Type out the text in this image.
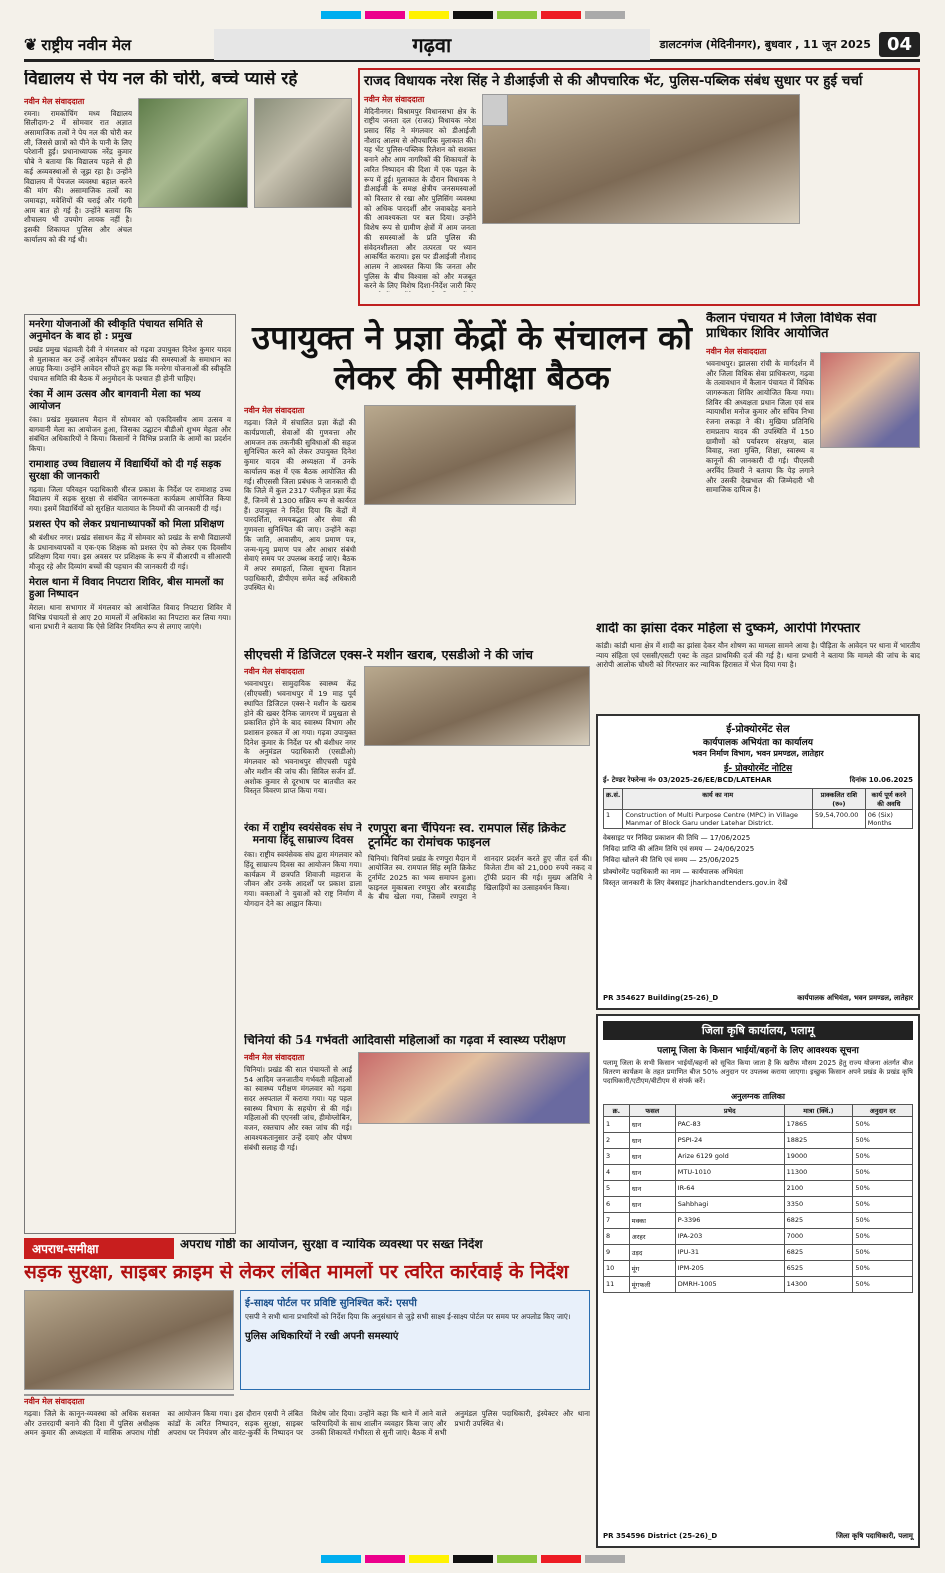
❦ राष्ट्रीय नवीन मेल	गढ़वा	डालटनगंज (मेदिनीनगर), बुधवार , 11 जून 2025 04
विद्यालय से पेय नल की चोरी, बच्चे प्यासे रहे
नवीन मेल संवाददाता
रमना। रामकोचिंग मध्य विद्यालय सिलीदाग-2 में सोमवार रात अज्ञात असामाजिक तत्वों ने पेय नल की चोरी कर ली, जिससे छात्रों को पीने के पानी के लिए परेशानी हुई। प्रधानाध्यापक नरेंद्र कुमार चौबे ने बताया कि विद्यालय पहले से ही कई अव्यवस्थाओं से जूझ रहा है। उन्होंने विद्यालय में पेयजल व्यवस्था बहाल करने की मांग की। असामाजिक तत्वों का जमावड़ा, मवेशियों की चराई और गंदगी आम बात हो गई है। उन्होंने बताया कि शौचालय भी उपयोग लायक नहीं है। इसकी शिकायत पुलिस और अंचल कार्यालय को की गई थी।
राजद विधायक नरेश सिंह ने डीआईजी से की औपचारिक भेंट, पुलिस-पब्लिक संबंध सुधार पर हुई चर्चा
नवीन मेल संवाददाता
मेदिनीनगर। विश्रामपुर विधानसभा क्षेत्र के राष्ट्रीय जनता दल (राजद) विधायक नरेश प्रसाद सिंह ने मंगलवार को डीआईजी नौशाद आलम से औपचारिक मुलाकात की। यह भेंट पुलिस-पब्लिक रिलेशन को सशक्त बनाने और आम नागरिकों की शिकायतों के त्वरित निष्पादन की दिशा में एक पहल के रूप में हुई। मुलाकात के दौरान विधायक ने डीआईजी के समक्ष क्षेत्रीय जनसमस्याओं को विस्तार से रखा और पुलिसिंग व्यवस्था को अधिक पारदर्शी और जवाबदेह बनाने की आवश्यकता पर बल दिया। उन्होंने विशेष रूप से ग्रामीण क्षेत्रों में आम जनता की समस्याओं के प्रति पुलिस की संवेदनशीलता और तत्परता पर ध्यान आकर्षित कराया। इस पर डीआईजी नौशाद आलम ने आश्वस्त किया कि जनता और पुलिस के बीच विश्वास को और मजबूत करने के लिए विशेष दिशा-निर्देश जारी किए
मनरेगा योजनाओं की स्वीकृति पंचायत समिति से अनुमोदन के बाद हो : प्रमुख
प्रखंड प्रमुख चंद्रावती देवी ने मंगलवार को गढ़वा उपायुक्त दिनेश कुमार यादव से मुलाकात कर उन्हें आवेदन सौंपकर प्रखंड की समस्याओं के समाधान का आग्रह किया। उन्होंने आवेदन सौंपते हुए कहा कि मनरेगा योजनाओं की स्वीकृति पंचायत समिति की बैठक में अनुमोदन के पश्चात ही होनी चाहिए।
रंका में आम उत्सव और बागवानी मेला का भव्य आयोजन
रंका। प्रखंड मुख्यालय मैदान में सोमवार को एकदिवसीय आम उत्सव व बागवानी मेला का आयोजन हुआ, जिसका उद्घाटन बीडीओ शुभम मेहता और संबंधित अधिकारियों ने किया। किसानों ने विभिन्न प्रजाति के आमों का प्रदर्शन किया।
रामाशाह उच्च विद्यालय में विद्यार्थियों को दी गई सड़क सुरक्षा की जानकारी
गढ़वा। जिला परिवहन पदाधिकारी धीरज प्रकाश के निर्देश पर रामाशाह उच्च विद्यालय में सड़क सुरक्षा से संबंधित जागरूकता कार्यक्रम आयोजित किया गया। इसमें विद्यार्थियों को सुरक्षित यातायात के नियमों की जानकारी दी गई।
प्रशस्त ऐप को लेकर प्रधानाध्यापकों को मिला प्रशिक्षण
श्री बंशीधर नगर। प्रखंड संसाधन केंद्र में सोमवार को प्रखंड के सभी विद्यालयों के प्रधानाध्यापकों व एक-एक शिक्षक को प्रशस्त ऐप को लेकर एक दिवसीय प्रशिक्षण दिया गया। इस अवसर पर प्रशिक्षक के रूप में बीआरपी व सीआरपी मौजूद रहे और दिव्यांग बच्चों की पहचान की जानकारी दी गई।
मेराल थाना में विवाद निपटारा शिविर, बीस मामलों का हुआ निष्पादन
मेराल। थाना सभागार में मंगलवार को आयोजित विवाद निपटारा शिविर में विभिन्न पंचायतों से आए 20 मामलों में अधिकांश का निपटारा कर लिया गया। थाना प्रभारी ने बताया कि ऐसे शिविर नियमित रूप से लगाए जाएंगे।
उपायुक्त ने प्रज्ञा केंद्रों के संचालन को लेकर की समीक्षा बैठक
नवीन मेल संवाददाता
गढ़वा। जिले में संचालित प्रज्ञा केंद्रों की कार्यप्रणाली, सेवाओं की गुणवत्ता और आमजन तक तकनीकी सुविधाओं की सहज सुनिश्चित करने को लेकर उपायुक्त दिनेश कुमार यादव की अध्यक्षता में उनके कार्यालय कक्ष में एक बैठक आयोजित की गई। सीएससी जिला प्रबंधक ने जानकारी दी कि जिले में कुल 2317 पंजीकृत प्रज्ञा केंद्र हैं, जिनमें से 1300 सक्रिय रूप से कार्यरत हैं। उपायुक्त ने निर्देश दिया कि केंद्रों में पारदर्शिता, समयबद्धता और सेवा की गुणवत्ता सुनिश्चित की जाए। उन्होंने कहा कि जाति, आवासीय, आय प्रमाण पत्र, जन्म-मृत्यु प्रमाण पत्र और आधार संबंधी सेवाएं समय पर उपलब्ध कराई जाएं। बैठक में अपर समाहर्ता, जिला सूचना विज्ञान पदाधिकारी, डीपीएम समेत कई अधिकारी उपस्थित थे।
कैलान पंचायत में जिला विधिक सेवा प्राधिकार शिविर आयोजित
नवीन मेल संवाददाता
भवनाथपुर। झालसा रांची के मार्गदर्शन में और जिला विधिक सेवा प्राधिकरण, गढ़वा के तत्वावधान में कैलान पंचायत में विधिक जागरूकता शिविर आयोजित किया गया। शिविर की अध्यक्षता प्रधान जिला एवं सत्र न्यायाधीश मनोज कुमार और सचिव निभा रंजना लकड़ा ने की। मुखिया प्रतिनिधि रामप्रताप यादव की उपस्थिति में 150 ग्रामीणों को पर्यावरण संरक्षण, बाल विवाह, नशा मुक्ति, शिक्षा, स्वास्थ्य व कानूनों की जानकारी दी गई। पीएलवी अरविंद तिवारी ने बताया कि पेड़ लगाने और उसकी देखभाल की जिम्मेदारी भी सामाजिक दायित्व है।
सीएचसी में डिजिटल एक्स-रे मशीन खराब, एसडीओ ने की जांच
नवीन मेल संवाददाता
भवनाथपुर। सामुदायिक स्वास्थ्य केंद्र (सीएचसी) भवनाथपुर में 19 माह पूर्व स्थापित डिजिटल एक्स-रे मशीन के खराब होने की खबर दैनिक जागरण में प्रमुखता से प्रकाशित होने के बाद स्वास्थ्य विभाग और प्रशासन हरकत में आ गया। गढ़वा उपायुक्त दिनेश कुमार के निर्देश पर श्री बंशीधर नगर के अनुमंडल पदाधिकारी (एसडीओ) मंगलवार को भवनाथपुर सीएचसी पहुंचे और मशीन की जांच की। सिविल सर्जन डॉ. अशोक कुमार से दूरभाष पर बातचीत कर विस्तृत विवरण प्राप्त किया गया।
शादी का झांसा देकर महिला से दुष्कर्म, आरोपी गिरफ्तार
कांडी। कांडी थाना क्षेत्र में शादी का झांसा देकर यौन शोषण का मामला सामने आया है। पीड़िता के आवेदन पर थाना में भारतीय न्याय संहिता एवं एससी/एसटी एक्ट के तहत प्राथमिकी दर्ज की गई है। थाना प्रभारी ने बताया कि मामले की जांच के बाद आरोपी आलोक चौधरी को गिरफ्तार कर न्यायिक हिरासत में भेज दिया गया है।
ई-प्रोक्योरमेंट सेल
कार्यपालक अभियंता का कार्यालय
भवन निर्माण विभाग, भवन प्रमण्डल, लातेहार
ई- प्रोक्योरमेंट नोटिस
ई- टेण्डर रेफरेन्स नं० 03/2025-26/EE/BCD/LATEHAR	दिनांक 10.06.2025
क्र.सं.	कार्य का नाम	प्राक्कलित राशि (रु०)	कार्य पूर्ण करने की अवधि
1	Construction of Multi Purpose Centre (MPC) in Village Manmar of Block Garu under Latehar District.	59,54,700.00	06 (Six) Months
वेबसाइट पर निविदा प्रकाशन की तिथि — 17/06/2025
निविदा प्राप्ति की अंतिम तिथि एवं समय — 24/06/2025
निविदा खोलने की तिथि एवं समय — 25/06/2025
प्रोक्योरमेंट पदाधिकारी का नाम — कार्यपालक अभियंता
विस्तृत जानकारी के लिए वेबसाइट jharkhandtenders.gov.in देखें
PR 354627 Building(25-26)_D	कार्यपालक अभियंता, भवन प्रमण्डल, लातेहार
रंका में राष्ट्रीय स्वयंसेवक संघ ने मनाया हिंदू साम्राज्य दिवस
रंका। राष्ट्रीय स्वयंसेवक संघ द्वारा मंगलवार को हिंदू साम्राज्य दिवस का आयोजन किया गया। कार्यक्रम में छत्रपति शिवाजी महाराज के जीवन और उनके आदर्शों पर प्रकाश डाला गया। वक्ताओं ने युवाओं को राष्ट्र निर्माण में योगदान देने का आह्वान किया।
रणपुरा बना चैंपियनः स्व. रामपाल सिंह क्रिकेट टूर्नामेंट का रोमांचक फाइनल
चिनियां। चिनियां प्रखंड के रणपुरा मैदान में आयोजित स्व. रामपाल सिंह स्मृति क्रिकेट टूर्नामेंट 2025 का भव्य समापन हुआ। फाइनल मुकाबला रणपुरा और बरवाडीह के बीच खेला गया, जिसमें रणपुरा ने शानदार प्रदर्शन करते हुए जीत दर्ज की। विजेता टीम को 21,000 रुपये नकद व ट्रॉफी प्रदान की गई। मुख्य अतिथि ने खिलाड़ियों का उत्साहवर्धन किया।
चिनियां की 54 गर्भवती आदिवासी महिलाओं का गढ़वा में स्वास्थ्य परीक्षण
नवीन मेल संवाददाता
चिनियां। प्रखंड की सात पंचायतों से आईं 54 आदिम जनजातीय गर्भवती महिलाओं का स्वास्थ्य परीक्षण मंगलवार को गढ़वा सदर अस्पताल में कराया गया। यह पहल स्वास्थ्य विभाग के सहयोग से की गई। महिलाओं की एएनसी जांच, हीमोग्लोबिन, वजन, रक्तचाप और रक्त जांच की गई। आवश्यकतानुसार उन्हें दवाएं और पोषण संबंधी सलाह दी गई।
जिला कृषि कार्यालय, पलामू
पलामू जिला के किसान भाईयों/बहनों के लिए आवश्यक सूचना
पलामू जिला के सभी किसान भाईयों/बहनों को सूचित किया जाता है कि खरीफ मौसम 2025 हेतु राज्य योजना अंतर्गत बीज वितरण कार्यक्रम के तहत प्रमाणित बीज 50% अनुदान पर उपलब्ध कराया जाएगा। इच्छुक किसान अपने प्रखंड के प्रखंड कृषि पदाधिकारी/एटीएम/बीटीएम से संपर्क करें।
अनुलग्नक तालिका
क्र.	फसल	प्रभेद	मात्रा (क्विं.)	अनुदान दर
1	धान	PAC-83	17865	50%
2	धान	PSPI-24	18825	50%
3	धान	Arize 6129 gold	19000	50%
4	धान	MTU-1010	11300	50%
5	धान	IR-64	2100	50%
6	धान	Sahbhagi	3350	50%
7	मक्का	P-3396	6825	50%
8	अरहर	IPA-203	7000	50%
9	उड़द	IPU-31	6825	50%
10	मूंग	IPM-205	6525	50%
11	मूंगफली	DMRH-1005	14300	50%
PR 354596 District (25-26)_D	जिला कृषि पदाधिकारी, पलामू
अपराध-समीक्षा	अपराध गोष्ठी का आयोजन, सुरक्षा व न्यायिक व्यवस्था पर सख्त निर्देश
सड़क सुरक्षा, साइबर क्राइम से लेकर लंबित मामलों पर त्वरित कार्रवाई के निर्देश
ई-साक्ष्य पोर्टल पर प्रविष्टि सुनिश्चित करें: एसपी
एसपी ने सभी थाना प्रभारियों को निर्देश दिया कि अनुसंधान से जुड़े सभी साक्ष्य ई-साक्ष्य पोर्टल पर समय पर अपलोड किए जाएं।
पुलिस अधिकारियों ने रखी अपनी समस्याएं
नवीन मेल संवाददाता
गढ़वा। जिले के कानून-व्यवस्था को अधिक सशक्त और उत्तरदायी बनाने की दिशा में पुलिस अधीक्षक अमन कुमार की अध्यक्षता में मासिक अपराध गोष्ठी का आयोजन किया गया। इस दौरान एसपी ने लंबित कांडों के त्वरित निष्पादन, सड़क सुरक्षा, साइबर अपराध पर नियंत्रण और वारंट-कुर्की के निष्पादन पर विशेष जोर दिया। उन्होंने कहा कि थाने में आने वाले फरियादियों के साथ शालीन व्यवहार किया जाए और उनकी शिकायतें गंभीरता से सुनी जाएं। बैठक में सभी अनुमंडल पुलिस पदाधिकारी, इंस्पेक्टर और थाना प्रभारी उपस्थित थे।
